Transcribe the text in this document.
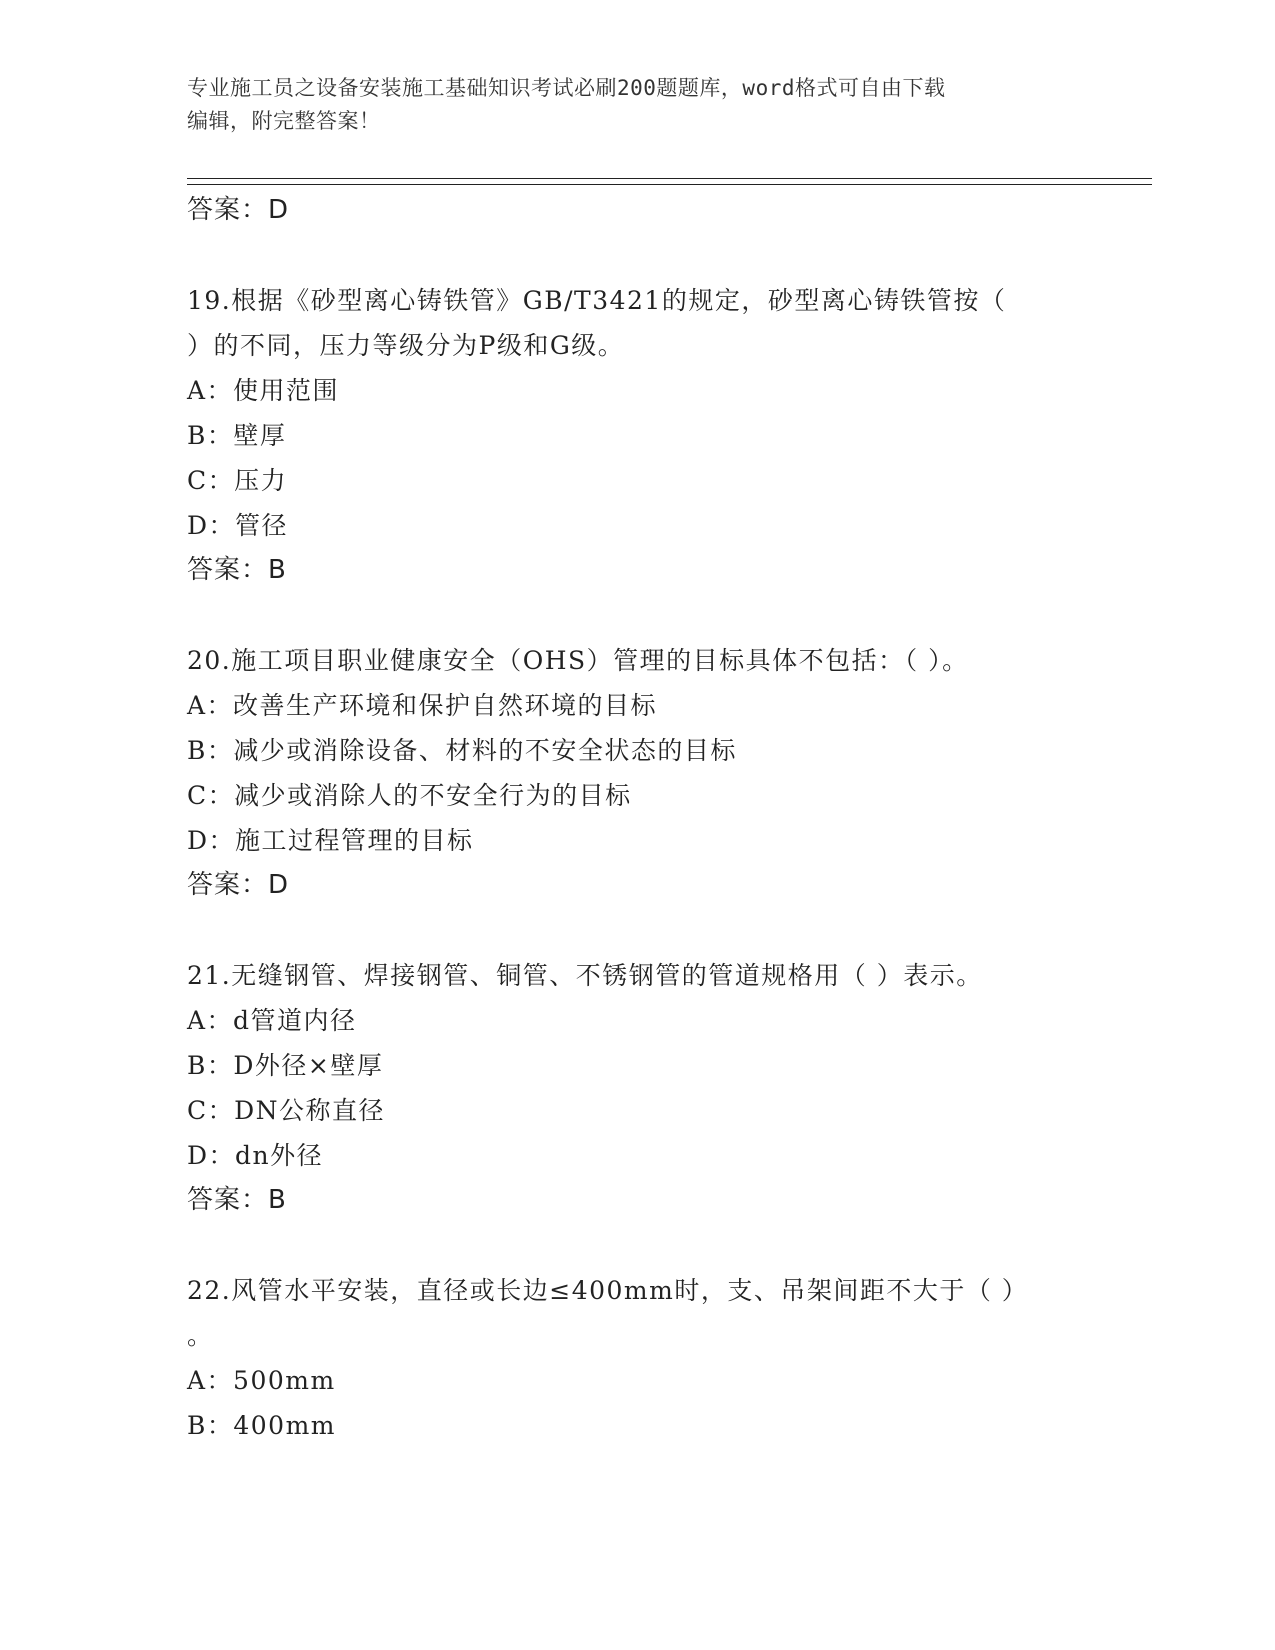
专业施工员之设备安装施工基础知识考试必刷200题题库，word格式可自由下载
编辑，附完整答案！
答案：D
19.根据《砂型离心铸铁管》GB/T3421的规定，砂型离心铸铁管按（
）的不同，压力等级分为P级和G级。
A：使用范围
B：壁厚
C：压力
D：管径
答案：B
20.施工项目职业健康安全（OHS）管理的目标具体不包括：（ ）。
A：改善生产环境和保护自然环境的目标
B：减少或消除设备、材料的不安全状态的目标
C：减少或消除人的不安全行为的目标
D：施工过程管理的目标
答案：D
21.无缝钢管、焊接钢管、铜管、不锈钢管的管道规格用（ ）表示。
A：d管道内径
B：D外径×壁厚
C：DN公称直径
D：dn外径
答案：B
22.风管水平安装，直径或长边≤400mm时，支、吊架间距不大于（ ）
。
A：500mm
B：400mm
